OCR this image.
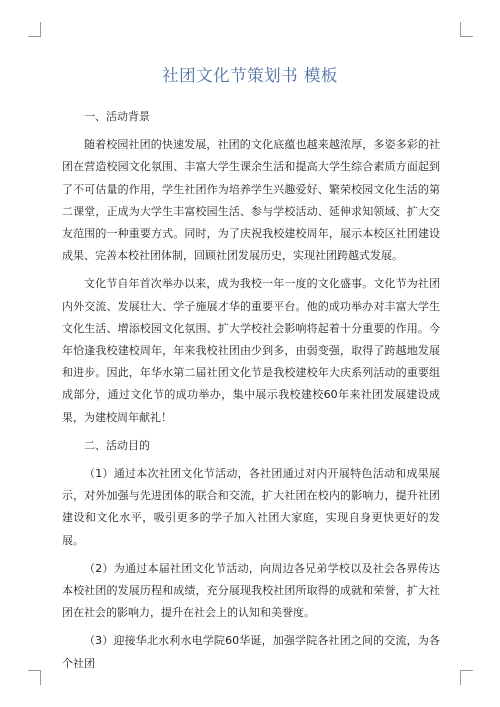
社团文化节策划书 模板
一、活动背景

随着校园社团的快速发展，社团的文化底蕴也越来越浓厚，多姿多彩的社团在营造校园文化氛围、丰富大学生课余生活和提高大学生综合素质方面起到了不可估量的作用，学生社团作为培养学生兴趣爱好、繁荣校园文化生活的第二课堂，正成为大学生丰富校园生活、参与学校活动、延伸求知领域、扩大交友范围的一种重要方式。同时，为了庆祝我校建校周年，展示本校区社团建设成果、完善本校社团体制，回顾社团发展历史，实现社团跨越式发展。

文化节自年首次举办以来，成为我校一年一度的文化盛事。文化节为社团内外交流、发展壮大、学子施展才华的重要平台。他的成功举办对丰富大学生文化生活、增添校园文化氛围、扩大学校社会影响将起着十分重要的作用。今年恰逢我校建校周年，年来我校社团由少到多，由弱变强，取得了跨越地发展和进步。因此，年华水第二届社团文化节是我校建校年大庆系列活动的重要组成部分，通过文化节的成功举办，集中展示我校建校60年来社团发展建设成果，为建校周年献礼！

二、活动目的

（1）通过本次社团文化节活动，各社团通过对内开展特色活动和成果展示，对外加强与先进团体的联合和交流，扩大社团在校内的影响力，提升社团建设和文化水平，吸引更多的学子加入社团大家庭，实现自身更快更好的发展。

（2）为通过本届社团文化节活动，向周边各兄弟学校以及社会各界传达本校社团的发展历程和成绩，充分展现我校社团所取得的成就和荣誉，扩大社团在社会的影响力，提升在社会上的认知和美誉度。

（3）迎接华北水利水电学院60华诞，加强学院各社团之间的交流，为各个社团
